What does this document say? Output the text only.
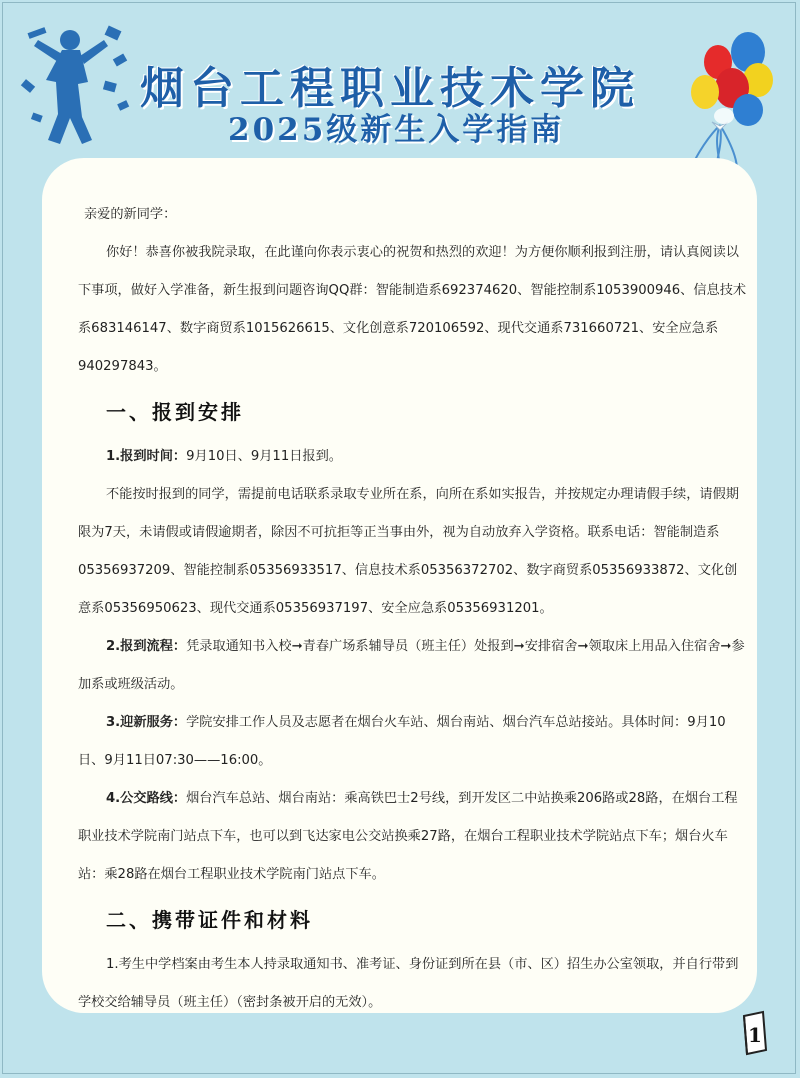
烟台工程职业技术学院
2025级新生入学指南

亲爱的新同学：

你好！恭喜你被我院录取，在此谨向你表示衷心的祝贺和热烈的欢迎！为方便你顺利报到注册，请认真阅读以下事项，做好入学准备，新生报到问题咨询QQ群：智能制造系692374620、智能控制系1053900946、信息技术系683146147、数字商贸系1015626615、文化创意系720106592、现代交通系731660721、安全应急系940297843。

一、报到安排

1.报到时间：9月10日、9月11日报到。

不能按时报到的同学，需提前电话联系录取专业所在系，向所在系如实报告，并按规定办理请假手续，请假期限为7天，未请假或请假逾期者，除因不可抗拒等正当事由外，视为自动放弃入学资格。联系电话：智能制造系05356937209、智能控制系05356933517、信息技术系05356372702、数字商贸系05356933872、文化创意系05356950623、现代交通系05356937197、安全应急系05356931201。

2.报到流程：凭录取通知书入校➞青春广场系辅导员（班主任）处报到➞安排宿舍➞领取床上用品入住宿舍➞参加系或班级活动。

3.迎新服务：学院安排工作人员及志愿者在烟台火车站、烟台南站、烟台汽车总站接站。具体时间：9月10日、9月11日07:30——16:00。

4.公交路线：烟台汽车总站、烟台南站：乘高铁巴士2号线，到开发区二中站换乘206路或28路，在烟台工程职业技术学院南门站点下车，也可以到飞达家电公交站换乘27路，在烟台工程职业技术学院站点下车；烟台火车站：乘28路在烟台工程职业技术学院南门站点下车。

二、携带证件和材料

1.考生中学档案由考生本人持录取通知书、准考证、身份证到所在县（市、区）招生办公室领取，并自行带到学校交给辅导员（班主任）（密封条被开启的无效）。

1
